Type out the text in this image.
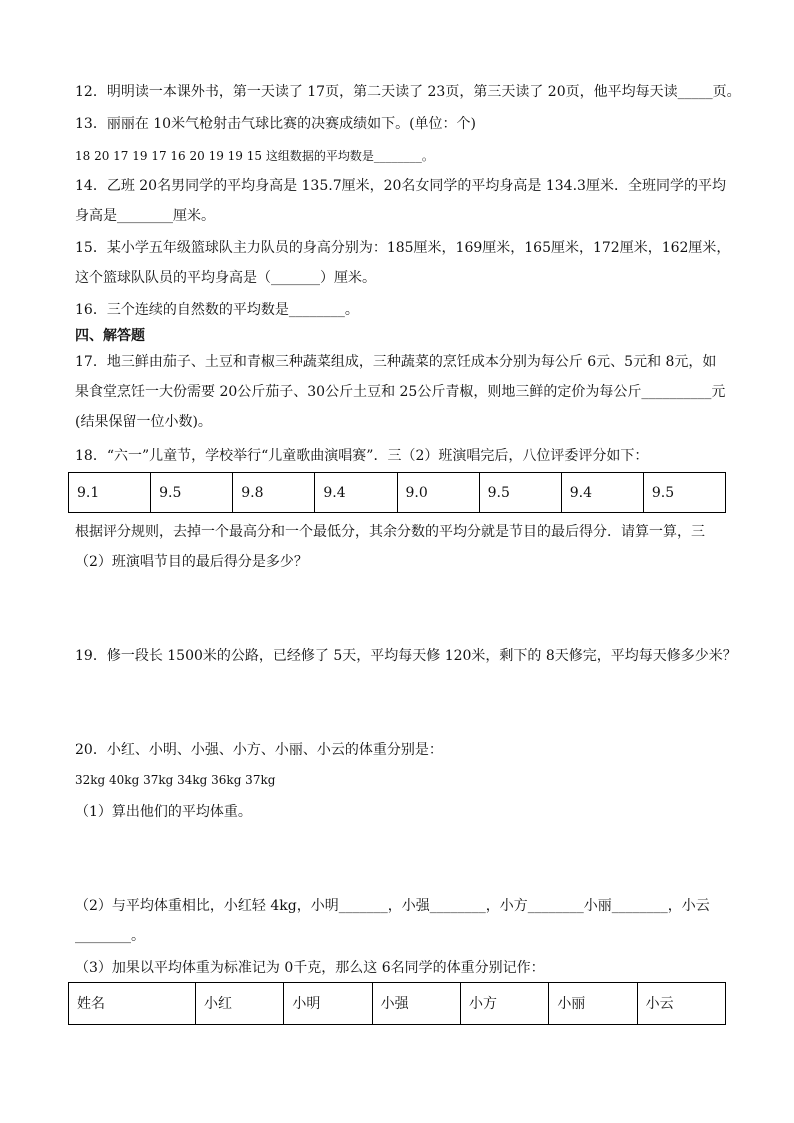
12．明明读一本课外书，第一天读了 17页，第二天读了 23页，第三天读了 20页，他平均每天读_____页。
13．丽丽在 10米气枪射击气球比赛的决赛成绩如下。(单位：个)
18 20 17 19 17 16 20 19 19 15 这组数据的平均数是________。
14．乙班 20名男同学的平均身高是 135.7厘米，20名女同学的平均身高是 134.3厘米．全班同学的平均
身高是________厘米。
15．某小学五年级篮球队主力队员的身高分别为：185厘米，169厘米，165厘米，172厘米，162厘米，
这个篮球队队员的平均身高是（_______）厘米。
16．三个连续的自然数的平均数是________。
四、解答题
17．地三鲜由茄子、土豆和青椒三种蔬菜组成，三种蔬菜的烹饪成本分别为每公斤 6元、5元和 8元，如
果食堂烹饪一大份需要 20公斤茄子、30公斤土豆和 25公斤青椒，则地三鲜的定价为每公斤__________元
(结果保留一位小数)。
18．“六一”儿童节，学校举行“儿童歌曲演唱赛”．三（2）班演唱完后，八位评委评分如下：
9.1	9.5	9.8	9.4	9.0	9.5	9.4	9.5
根据评分规则，去掉一个最高分和一个最低分，其余分数的平均分就是节目的最后得分．请算一算，三
（2）班演唱节目的最后得分是多少？
19．修一段长 1500米的公路，已经修了 5天，平均每天修 120米，剩下的 8天修完，平均每天修多少米？
20．小红、小明、小强、小方、小丽、小云的体重分别是：
32kg 40kg 37kg 34kg 36kg 37kg
（1）算出他们的平均体重。
（2）与平均体重相比，小红轻 4kg，小明_______，小强________，小方________小丽________，小云
________。
（3）加果以平均体重为标准记为 0千克，那么这 6名同学的体重分别记作：
姓名	小红	小明	小强	小方	小丽	小云
